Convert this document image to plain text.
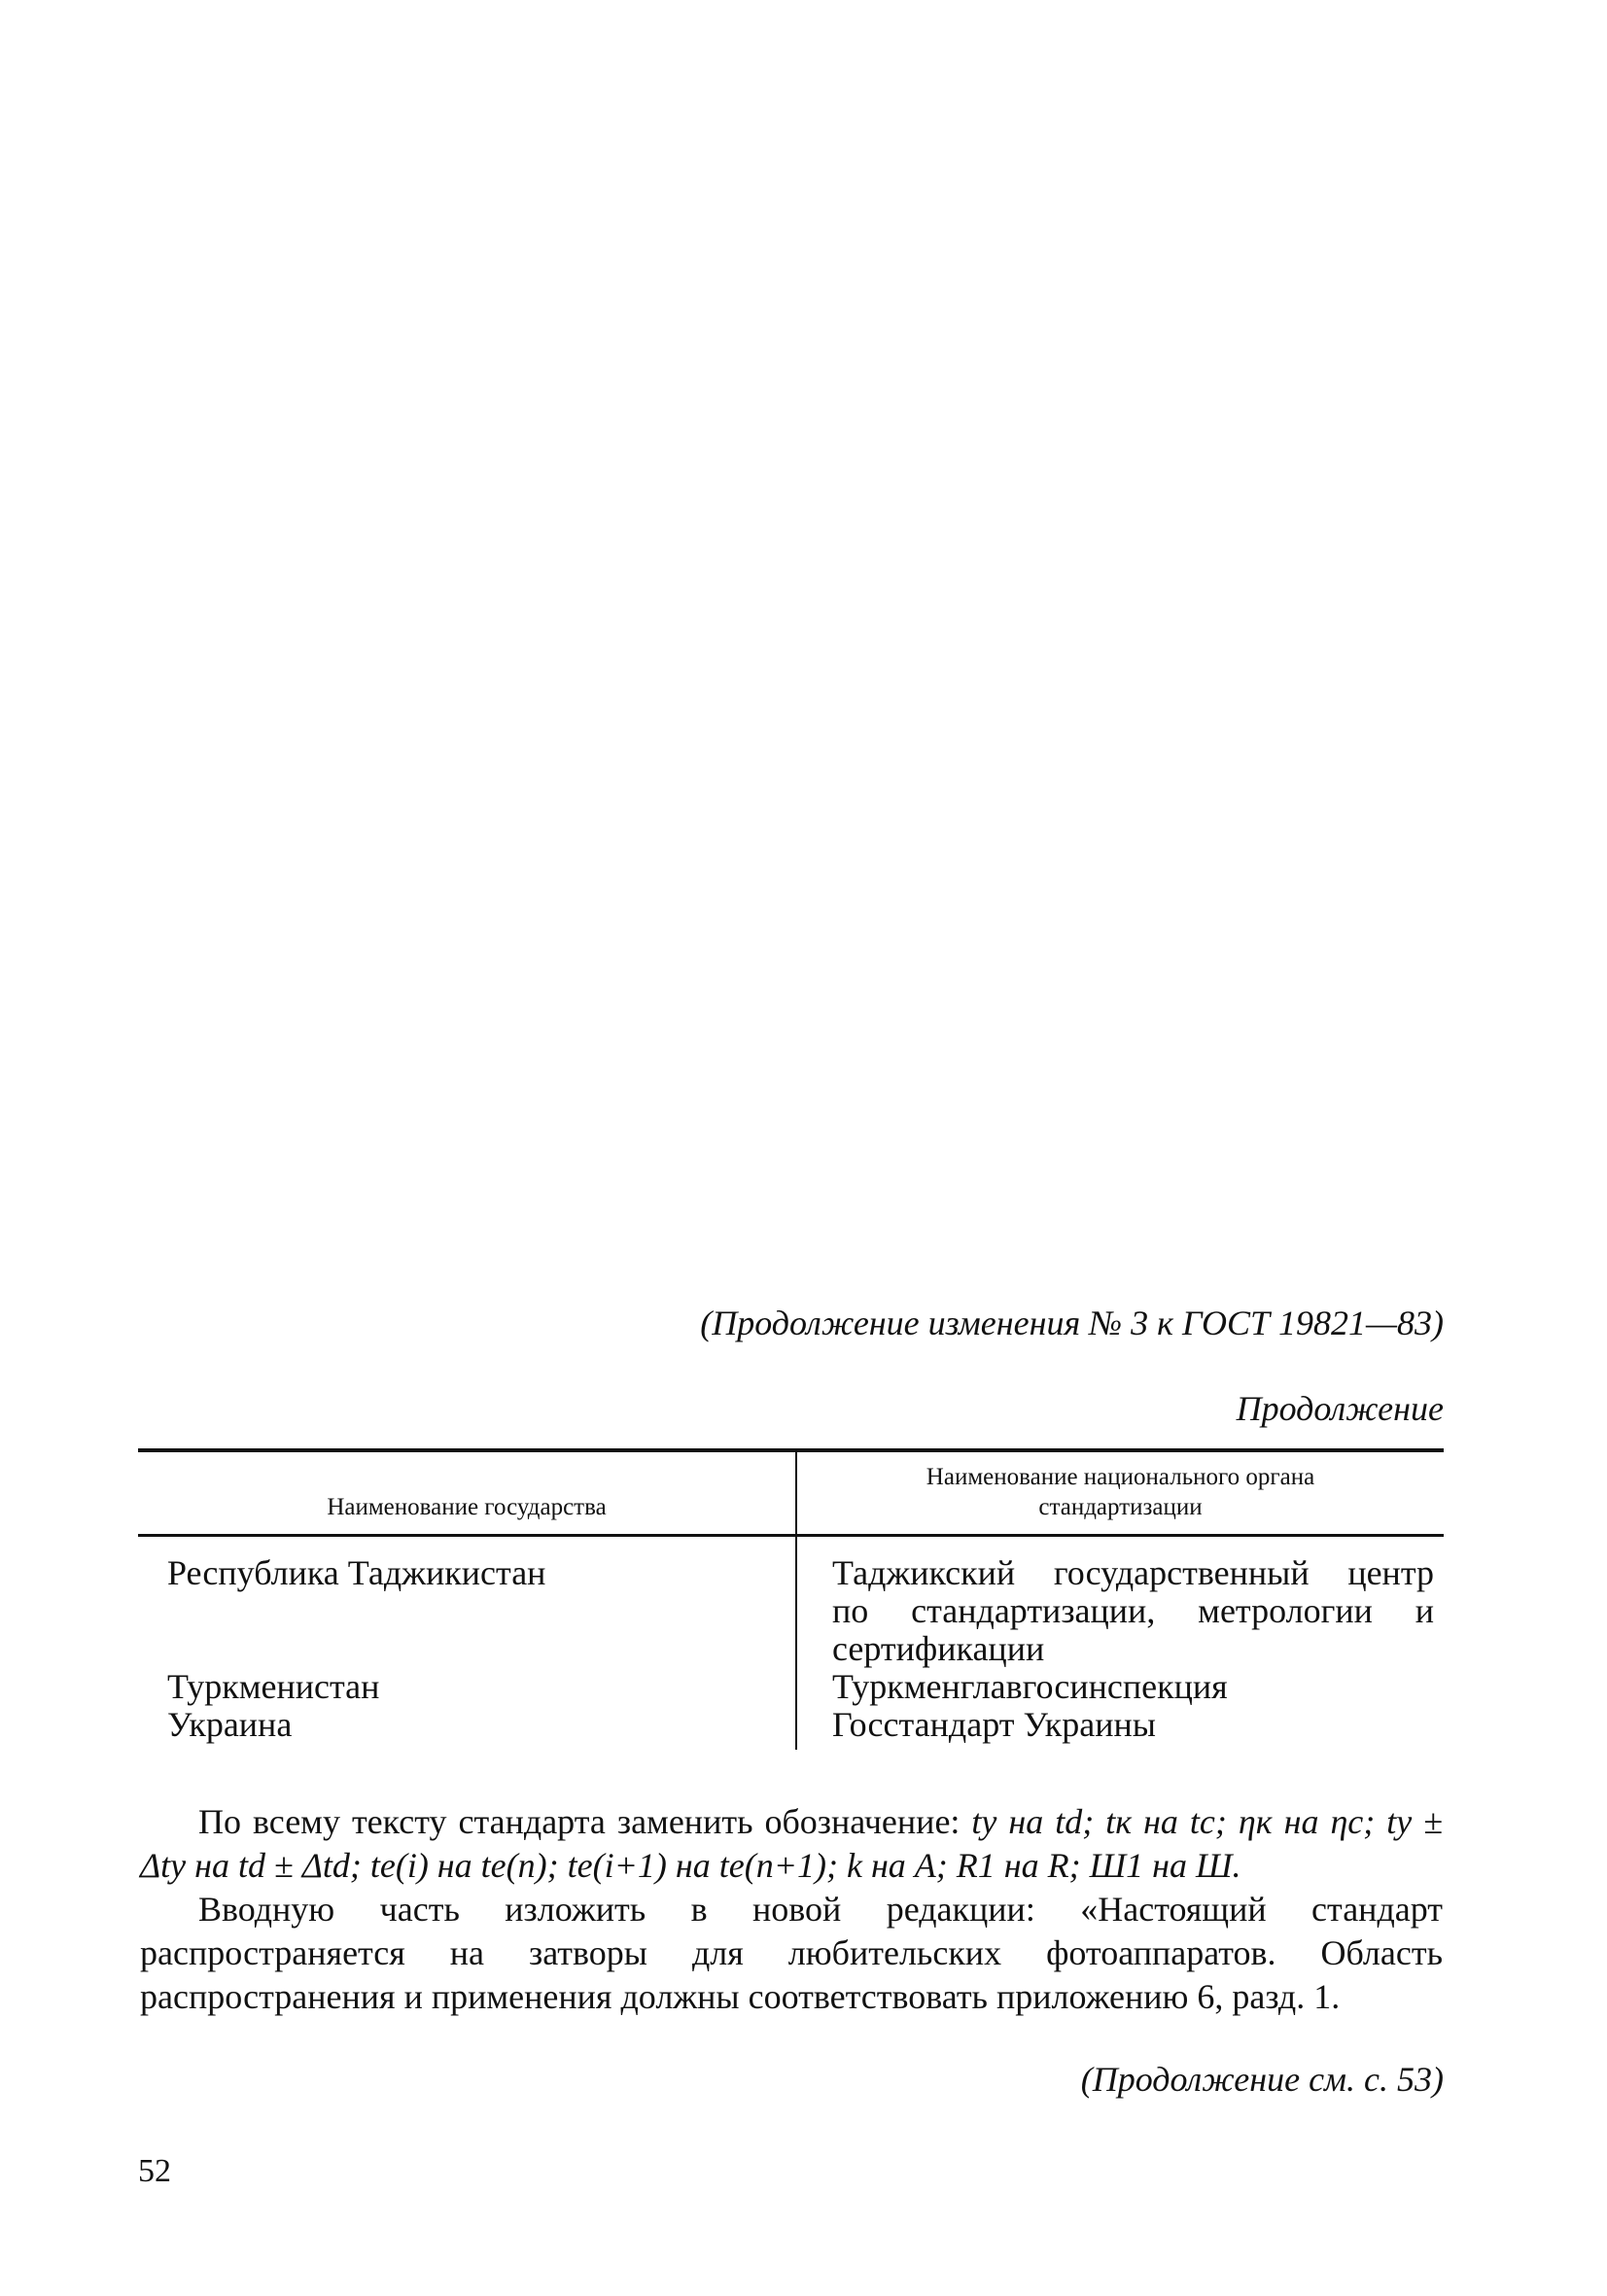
(Продолжение изменения № 3 к ГОСТ 19821—83)
Продолжение
Наименование государства	Наименование национального органа стандартизации

Республика Таджикистан	Таджикский государственный центр
по стандартизации, метрологии и
сертификации

Туркменистан	Туркменглавгосинспекция
Украина	Госстандарт Украины

По всему тексту стандарта заменить обозначение: tу на td; tк на tс; ηк на ηс; tу ± Δtу на td ± Δtd; tе(i) на tе(n); tе(i+1) на tе(n+1); k на A; R1 на R; Ш1 на Ш.

Вводную часть изложить в новой редакции: «Настоящий стандарт распространяется на затворы для любительских фотоаппаратов. Область распространения и применения должны соответствовать приложению 6, разд. 1.

(Продолжение см. с. 53)
52
